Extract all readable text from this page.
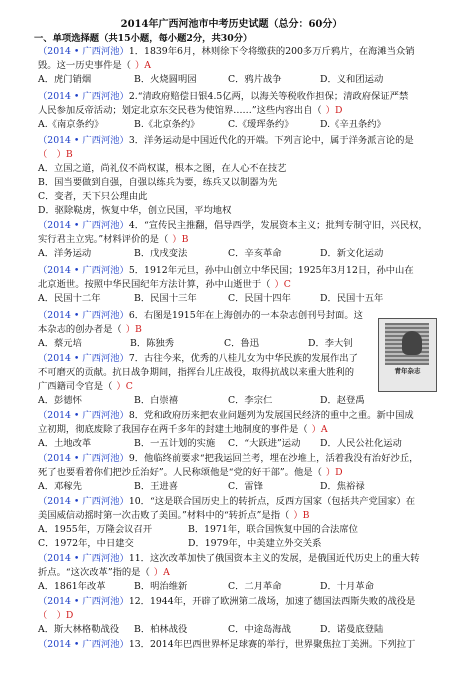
2014年广西河池市中考历史试题（总分：60分）
一、单项选择题（共15小题，每小题2分，共30分）
（2014 • 广西河池）1．1839年6月，林则徐下令将缴获的200多万斤鸦片，在海滩当众销
毁。这一历史事件是（ ）A
A．虎门销烟	B．火烧圆明园	C．鸦片战争	D．义和团运动
（2014 • 广西河池）2.“清政府赔偿日银4.5亿两，以海关等税收作担保；清政府保证严禁
人民参加反帝活动；划定北京东交民巷为使馆界……”这些内容出自（ ）D
A.《南京条约》	B.《北京条约》	C.《瑷珲条约》	D.《辛丑条约》
（2014 • 广西河池）3．洋务运动是中国近代化的开端。下列言论中，属于洋务派言论的是
（　）B
A．立国之道，尚礼仪不尚权谋，根本之图，在人心不在技艺
B．国当要做到自强，自强以练兵为要，练兵又以制器为先
C．变者，天下只公理由此
D．驱除鞑虏，恢复中华，创立民国，平均地权
（2014 • 广西河池）4．“宣传民主推翻，倡导西学，发展资本主义；批判专制守旧，兴民权，
实行君主立宪。”材料评价的是（ ）B
A．洋务运动	B．戊戌变法	C．辛亥革命	D．新文化运动
（2014 • 广西河池）5．1912年元旦，孙中山创立中华民国；1925年3月12日，孙中山在
北京逝世。按照中华民国纪年方法计算，孙中山逝世于（ ）C
A．民国十二年	B．民国十三年	C．民国十四年	D．民国十五年
（2014 • 广西河池）6．右图是1915年在上海创办的一本杂志创刊号封面。这
本杂志的创办者是（ ）B
A．蔡元培	B．陈独秀	C．鲁迅	D．李大钊
青年杂志
（2014 • 广西河池）7．古往今来，优秀的八桂儿女为中华民族的发展作出了
不可磨灭的贡献。抗日战争期间，指挥台儿庄战役，取得抗战以来重大胜利的
广西籍司令官是（ ）C
A．彭德怀	B．白崇禧	C．李宗仁	D．赵登禹
（2014 • 广西河池）8．党和政府历来把农业问题列为发展国民经济的重中之重。新中国成
立初期，彻底废除了我国存在两千多年的封建土地制度的事件是（ ）A
A．土地改革	B．一五计划的实施 C．“大跃进”运动 D．人民公社化运动
（2014 • 广西河池）9．他临终前要求“把我运回兰考，埋在沙堆上，活着我没有治好沙丘，
死了也要看着你们把沙丘治好”。人民称颂他是“党的好干部”。他是（ ）D
A．邓稼先	B．王进喜	C．雷锋	D．焦裕禄
（2014 • 广西河池）10．“这是联合国历史上的转折点，反西方国家（包括共产党国家）在
美国威信动摇时第一次击败了美国。”材料中的“转折点”是指（ ）B
A．1955年，万隆会议召开	B．1971年，联合国恢复中国的合法席位
C．1972年，中日建交	D．1979年，中美建立外交关系
（2014 • 广西河池）11．这次改革加快了俄国资本主义的发展，是俄国近代历史上的重大转
折点。“这次改革”指的是（ ）A
A．1861年改革	B．明治维新	C．二月革命	D．十月革命
（2014 • 广西河池）12．1944年，开辟了欧洲第二战场，加速了德国法西斯失败的战役是
（　）D
A．斯大林格勒战役 B．柏林战役	C．中途岛海战	D．诺曼底登陆
（2014 • 广西河池）13．2014年巴西世界杯足球赛的举行，世界聚焦拉丁美洲。下列拉丁
